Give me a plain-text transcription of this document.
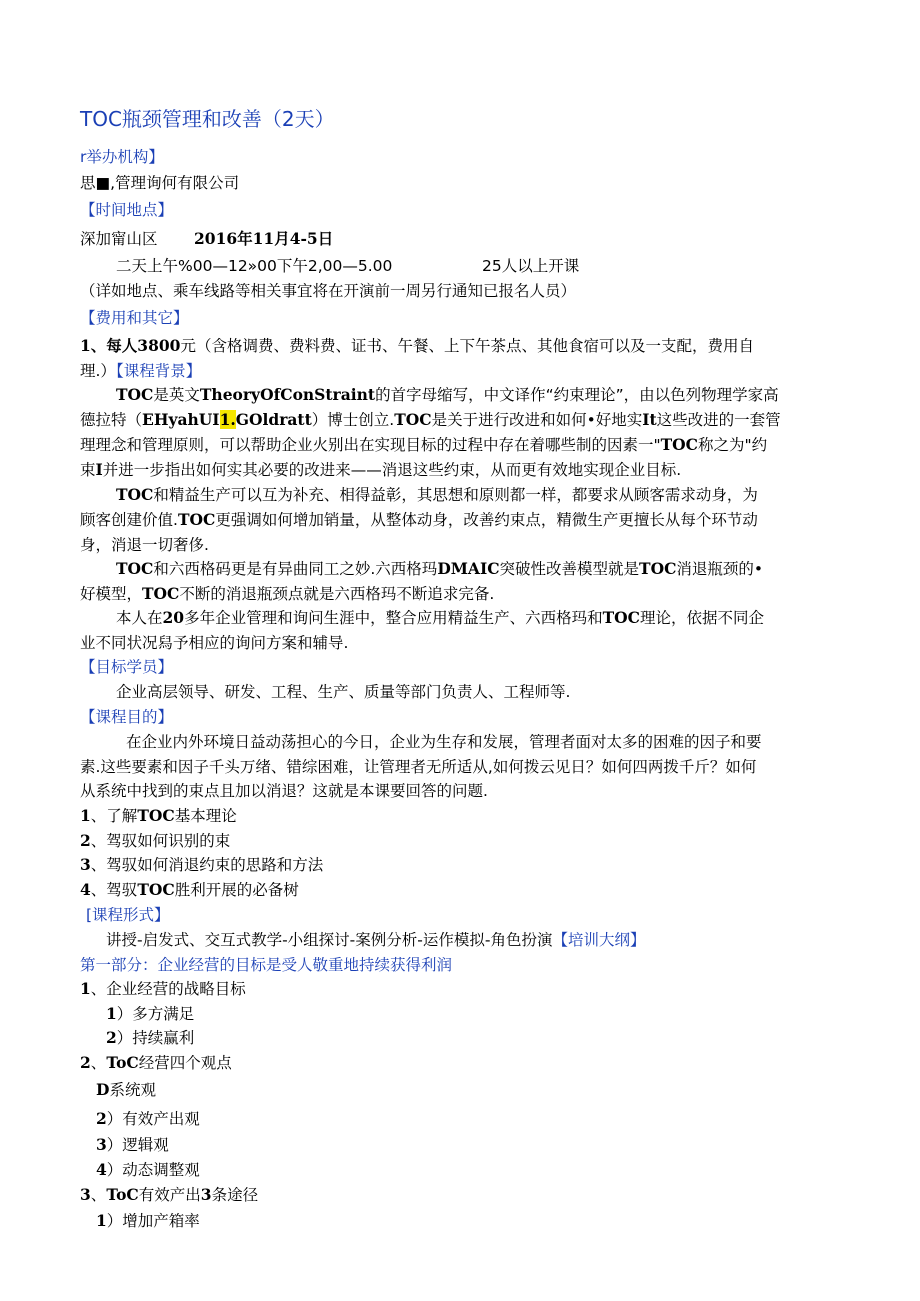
TOC瓶颈管理和改善（2天）
r举办机构】
思■,管理询何有限公司
【时间地点】
深加甯山区 2016年11月4-5日
二天上午%00—12»00下午2,00—5.00	25人以上开课
（详如地点、乘车线路等相关事宜将在开演前一周另行通知已报名人员）
【费用和其它】
1、每人3800元（含格调费、费料费、证书、午餐、上下午茶点、其他食宿可以及一支配，费用自
理.）【课程背景】
TOC是英文TheoryOfConStraint的首字母缩写，中文译作“约束理论”，由以色列物理学家高
德拉特（EHyahUI1.GOldratt）博士创立.TOC是关于进行改进和如何•好地实It这些改进的一套管
理理念和管理原则，可以帮助企业火别出在实现目标的过程中存在着哪些制的因素一"TOC称之为"约
束I并进一步指出如何实其必要的改进来——消退这些约束，从而更有效地实现企业目标.
TOC和精益生产可以互为补充、相得益彰，其思想和原则都一样，都要求从顾客需求动身，为
顾客创建价值.TOC更强调如何增加销量，从整体动身，改善约束点，精微生产更擅长从每个环节动
身，消退一切奢侈.
TOC和六西格码更是有异曲同工之妙.六西格玛DMAIC突破性改善模型就是TOC消退瓶颈的•
好模型，TOC不断的消退瓶颈点就是六西格玛不断追求完备.
本人在20多年企业管理和询问生涯中，整合应用精益生产、六西格玛和TOC理论，依据不同企
业不同状况舄予相应的询问方案和辅导.
【目标学员】
企业高层领导、研发、工程、生产、质量等部门负责人、工程师等.
【课程目的】
在企业内外环境日益动荡担心的今日，企业为生存和发展，管理者面对太多的困难的因子和要
素.这些要素和因子千头万绪、错综困难，让管理者无所适从,如何拨云见日？如何四两拨千斤？如何
从系统中找到的束点且加以消退？这就是本课要回答的问题.
1、了解TOC基本理论
2、驾驭如何识别的束
3、驾驭如何消退约束的思路和方法
4、驾驭TOC胜利开展的必备树
[课程形式】
讲授-启发式、交互式教学-小组探讨-案例分析-运作模拟-角色扮演【培训大纲】
第一部分：企业经营的目标是受人敬重地持续获得利润
1、企业经营的战略目标
1）多方满足
2）持续赢利
2、ToC经营四个观点
D系统观
2）有效产出观
3）逻辑观
4）动态调整观
3、ToC有效产出3条途径
1）增加产箱率
